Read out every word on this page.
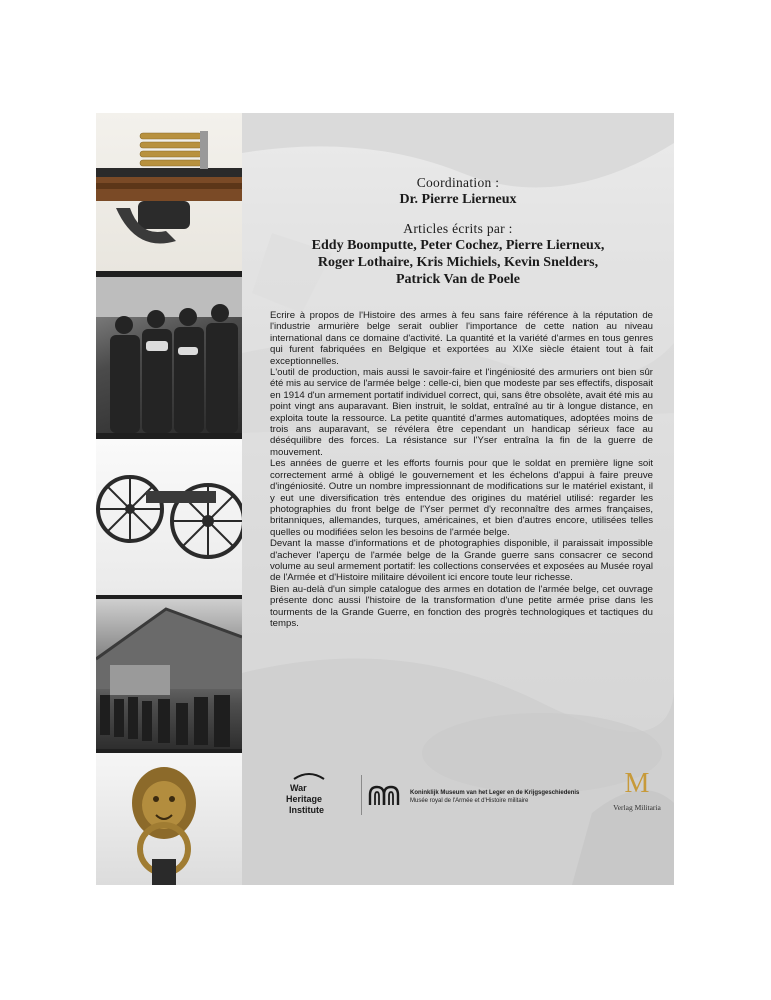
Coordination :
Dr. Pierre Lierneux
Articles écrits par :
Eddy Boomputte, Peter Cochez, Pierre Lierneux,
Roger Lothaire, Kris Michiels, Kevin Snelders,
Patrick Van de Poele

Ecrire à propos de l'Histoire des armes à feu sans faire référence à la réputation de l'industrie armurière belge serait oublier l'importance de cette nation au niveau international dans ce domaine d'activité. La quantité et la variété d'armes en tous genres qui furent fabriquées en Belgique et exportées au XIXe siècle étaient tout à fait exceptionnelles.

L'outil de production, mais aussi le savoir-faire et l'ingéniosité des armuriers ont bien sûr été mis au service de l'armée belge : celle-ci, bien que modeste par ses effectifs, disposait en 1914 d'un armement portatif individuel correct, qui, sans être obsolète, avait été mis au point vingt ans auparavant. Bien instruit, le soldat, entraîné au tir à longue distance, en exploita toute la ressource. La petite quantité d'armes automatiques, adoptées moins de trois ans auparavant, se révélera être cependant un handicap sérieux face au déséquilibre des forces. La résistance sur l'Yser entraîna la fin de la guerre de mouvement.

Les années de guerre et les efforts fournis pour que le soldat en première ligne soit correctement armé à obligé le gouvernement et les échelons d'appui à faire preuve d'ingéniosité. Outre un nombre impressionnant de modifications sur le matériel existant, il y eut une diversification très entendue des origines du matériel utilisé: regarder les photographies du front belge de l'Yser permet d'y reconnaître des armes françaises, britanniques, allemandes, turques, américaines, et bien d'autres encore, utilisées telles quelles ou modifiées selon les besoins de l'armée belge.

Devant la masse d'informations et de photographies disponible, il paraissait impossible d'achever l'aperçu de l'armée belge de la Grande guerre sans consacrer ce second volume au seul armement portatif: les collections conservées et exposées au Musée royal de l'Armée et d'Histoire militaire dévoilent ici encore toute leur richesse.

Bien au-delà d'un simple catalogue des armes en dotation de l'armée belge, cet ouvrage présente donc aussi l'histoire de la transformation d'une petite armée prise dans les tourments de la Grande Guerre, en fonction des progrès technologiques et tactiques du temps.

War
Heritage
Institute
Koninklijk Museum van het Leger en de Krijgsgeschiedenis
Musée royal de l'Armée et d'Histoire militaire
M
Verlag Militaria
